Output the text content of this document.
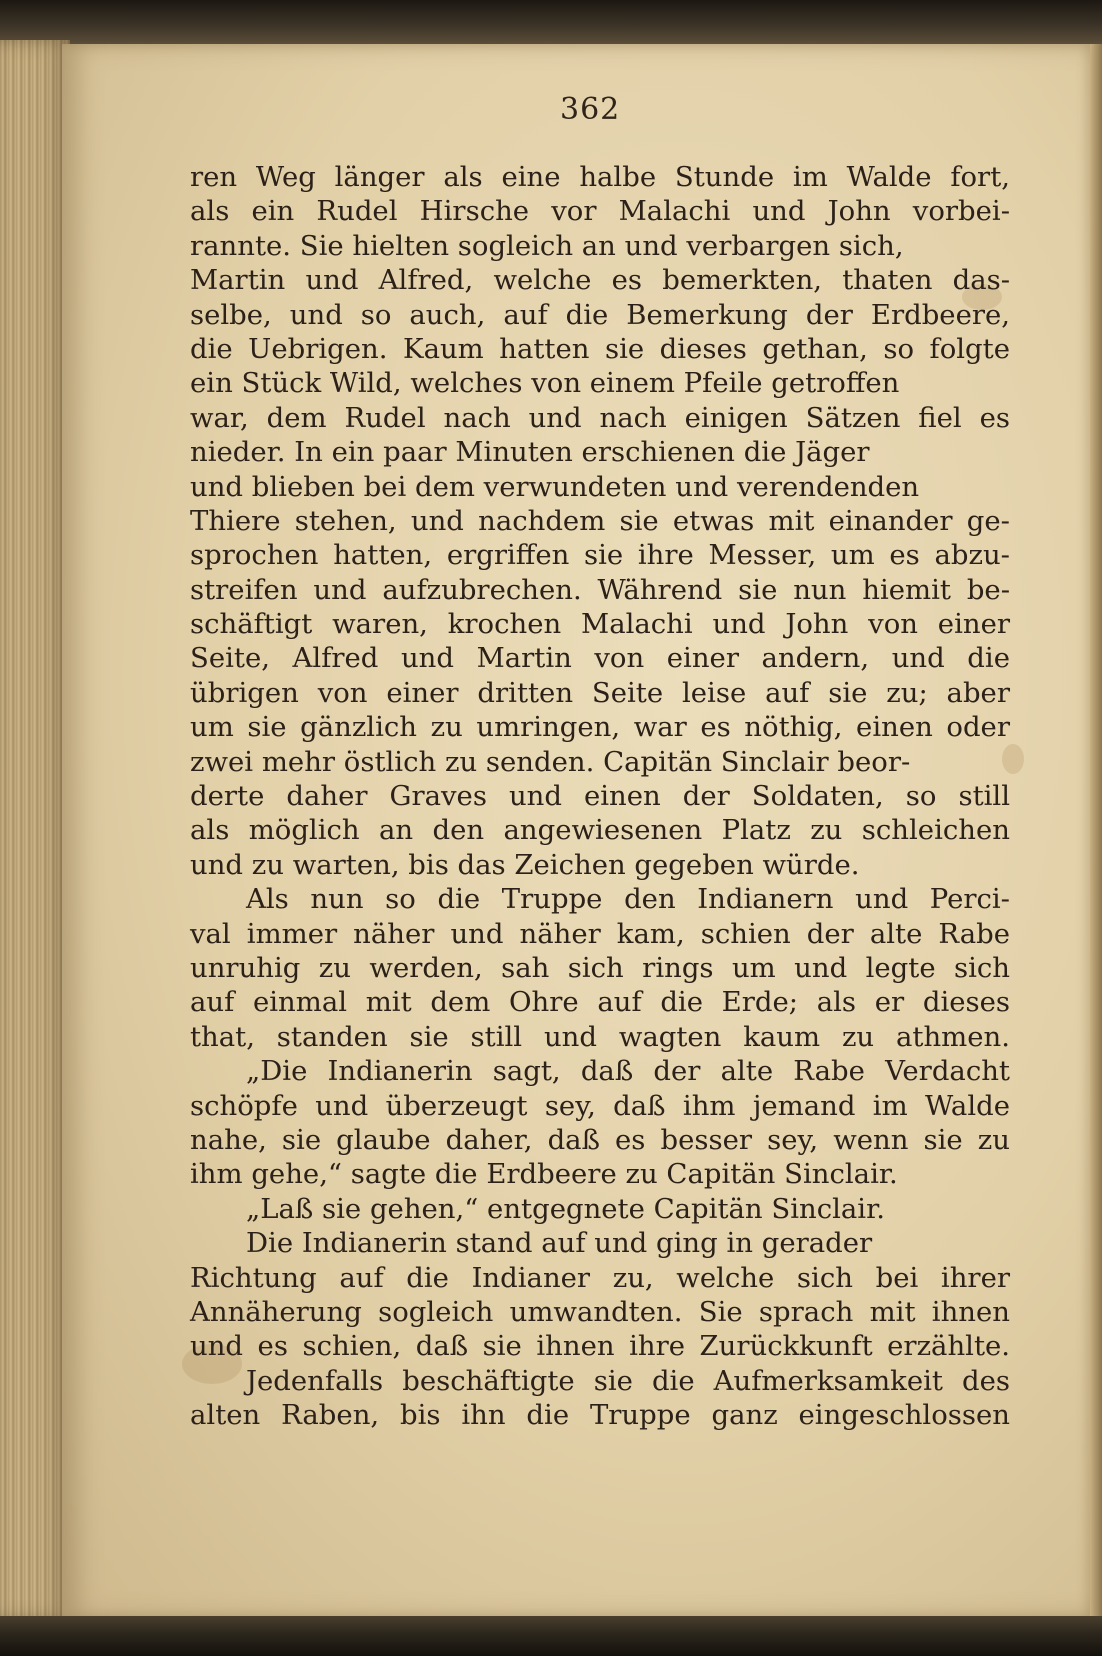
362
ren Weg länger als eine halbe Stunde im Walde fort,
als ein Rudel Hirsche vor Malachi und John vorbei-
rannte. Sie hielten sogleich an und verbargen sich,
Martin und Alfred, welche es bemerkten, thaten das-
selbe, und so auch, auf die Bemerkung der Erdbeere,
die Uebrigen. Kaum hatten sie dieses gethan, so folgte
ein Stück Wild, welches von einem Pfeile getroffen
war, dem Rudel nach und nach einigen Sätzen fiel es
nieder. In ein paar Minuten erschienen die Jäger
und blieben bei dem verwundeten und verendenden
Thiere stehen, und nachdem sie etwas mit einander ge-
sprochen hatten, ergriffen sie ihre Messer, um es abzu-
streifen und aufzubrechen. Während sie nun hiemit be-
schäftigt waren, krochen Malachi und John von einer
Seite, Alfred und Martin von einer andern, und die
übrigen von einer dritten Seite leise auf sie zu; aber
um sie gänzlich zu umringen, war es nöthig, einen oder
zwei mehr östlich zu senden. Capitän Sinclair beor-
derte daher Graves und einen der Soldaten, so still
als möglich an den angewiesenen Platz zu schleichen
und zu warten, bis das Zeichen gegeben würde.
Als nun so die Truppe den Indianern und Perci-
val immer näher und näher kam, schien der alte Rabe
unruhig zu werden, sah sich rings um und legte sich
auf einmal mit dem Ohre auf die Erde; als er dieses
that, standen sie still und wagten kaum zu athmen.
„Die Indianerin sagt, daß der alte Rabe Verdacht
schöpfe und überzeugt sey, daß ihm jemand im Walde
nahe, sie glaube daher, daß es besser sey, wenn sie zu
ihm gehe,“ sagte die Erdbeere zu Capitän Sinclair.
„Laß sie gehen,“ entgegnete Capitän Sinclair.
Die Indianerin stand auf und ging in gerader
Richtung auf die Indianer zu, welche sich bei ihrer
Annäherung sogleich umwandten. Sie sprach mit ihnen
und es schien, daß sie ihnen ihre Zurückkunft erzählte.
Jedenfalls beschäftigte sie die Aufmerksamkeit des
alten Raben, bis ihn die Truppe ganz eingeschlossen
